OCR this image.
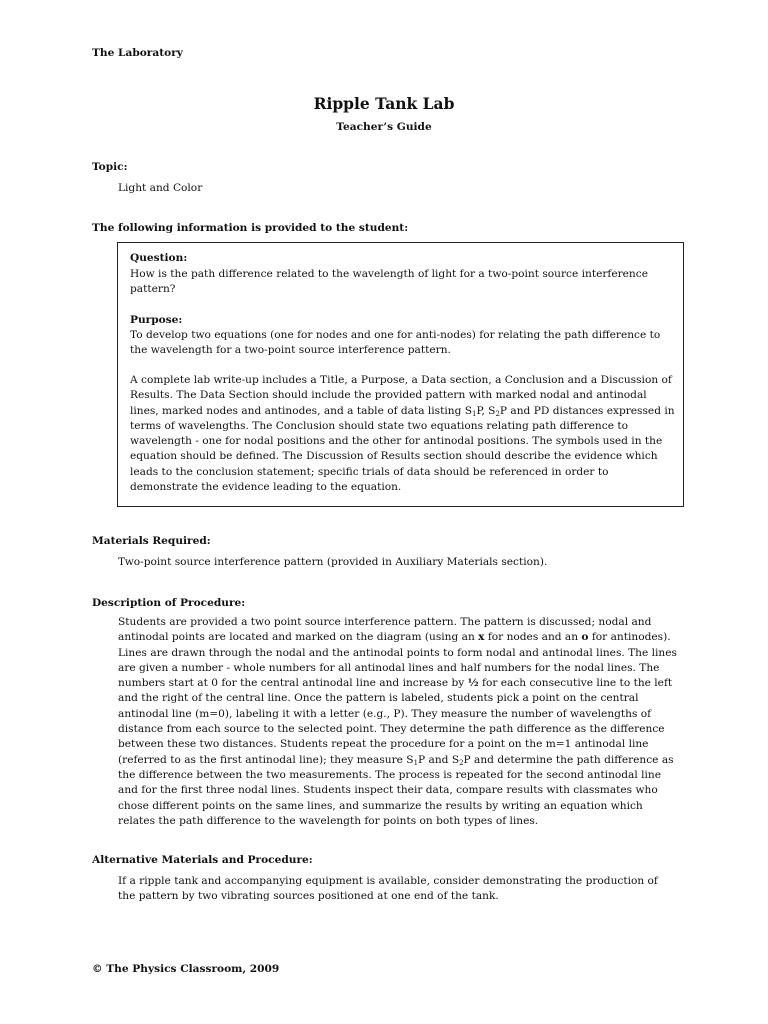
The Laboratory
Ripple Tank Lab
Teacher’s Guide
Topic:
Light and Color
The following information is provided to the student:
Question:

How is the path difference related to the wavelength of light for a two-point source interference pattern?

Purpose:

To develop two equations (one for nodes and one for anti-nodes) for relating the path difference to the wavelength for a two-point source interference pattern.

A complete lab write-up includes a Title, a Purpose, a Data section, a Conclusion and a Discussion of Results. The Data Section should include the provided pattern with marked nodal and antinodal lines, marked nodes and antinodes, and a table of data listing $S_1P$, $S_2P$ and PD distances expressed in terms of wavelengths. The Conclusion should state two equations relating path difference to wavelength - one for nodal positions and the other for antinodal positions. The symbols used in the equation should be defined. The Discussion of Results section should describe the evidence which leads to the conclusion statement; specific trials of data should be referenced in order to demonstrate the evidence leading to the equation.

Materials Required:
Two-point source interference pattern (provided in Auxiliary Materials section).
Description of Procedure:

Students are provided a two point source interference pattern. The pattern is discussed; nodal and antinodal points are located and marked on the diagram (using an x for nodes and an o for antinodes). Lines are drawn through the nodal and the antinodal points to form nodal and antinodal lines. The lines are given a number - whole numbers for all antinodal lines and half numbers for the nodal lines. The numbers start at 0 for the central antinodal line and increase by ½ for each consecutive line to the left and the right of the central line. Once the pattern is labeled, students pick a point on the central antinodal line (m=0), labeling it with a letter (e.g., P). They measure the number of wavelengths of distance from each source to the selected point. They determine the path difference as the difference between these two distances. Students repeat the procedure for a point on the m=1 antinodal line (referred to as the first antinodal line); they measure $S_1P$ and $S_2P$ and determine the path difference as the difference between the two measurements. The process is repeated for the second antinodal line and for the first three nodal lines. Students inspect their data, compare results with classmates who chose different points on the same lines, and summarize the results by writing an equation which relates the path difference to the wavelength for points on both types of lines.

Alternative Materials and Procedure:

If a ripple tank and accompanying equipment is available, consider demonstrating the production of the pattern by two vibrating sources positioned at one end of the tank.

© The Physics Classroom, 2009
